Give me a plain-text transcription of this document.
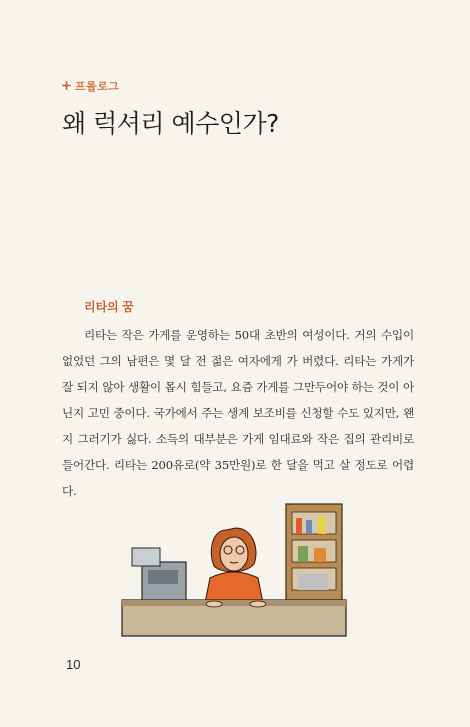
프롤로그
왜 럭셔리 예수인가?
리타의 꿈
리타는 작은 가게를 운영하는 50대 초반의 여성이다. 거의 수입이 없었던 그의 남편은 몇 달 전 젊은 여자에게 가 버렸다. 리타는 가게가 잘 되지 않아 생활이 몹시 힘들고, 요즘 가게를 그만두어야 하는 것이 아닌지 고민 중이다. 국가에서 주는 생계 보조비를 신청할 수도 있지만, 왠지 그러기가 싫다. 소득의 대부분은 가게 임대료와 작은 집의 관리비로 들어간다. 리타는 200유로(약 35만원)로 한 달을 먹고 살 정도로 어렵다.
10
